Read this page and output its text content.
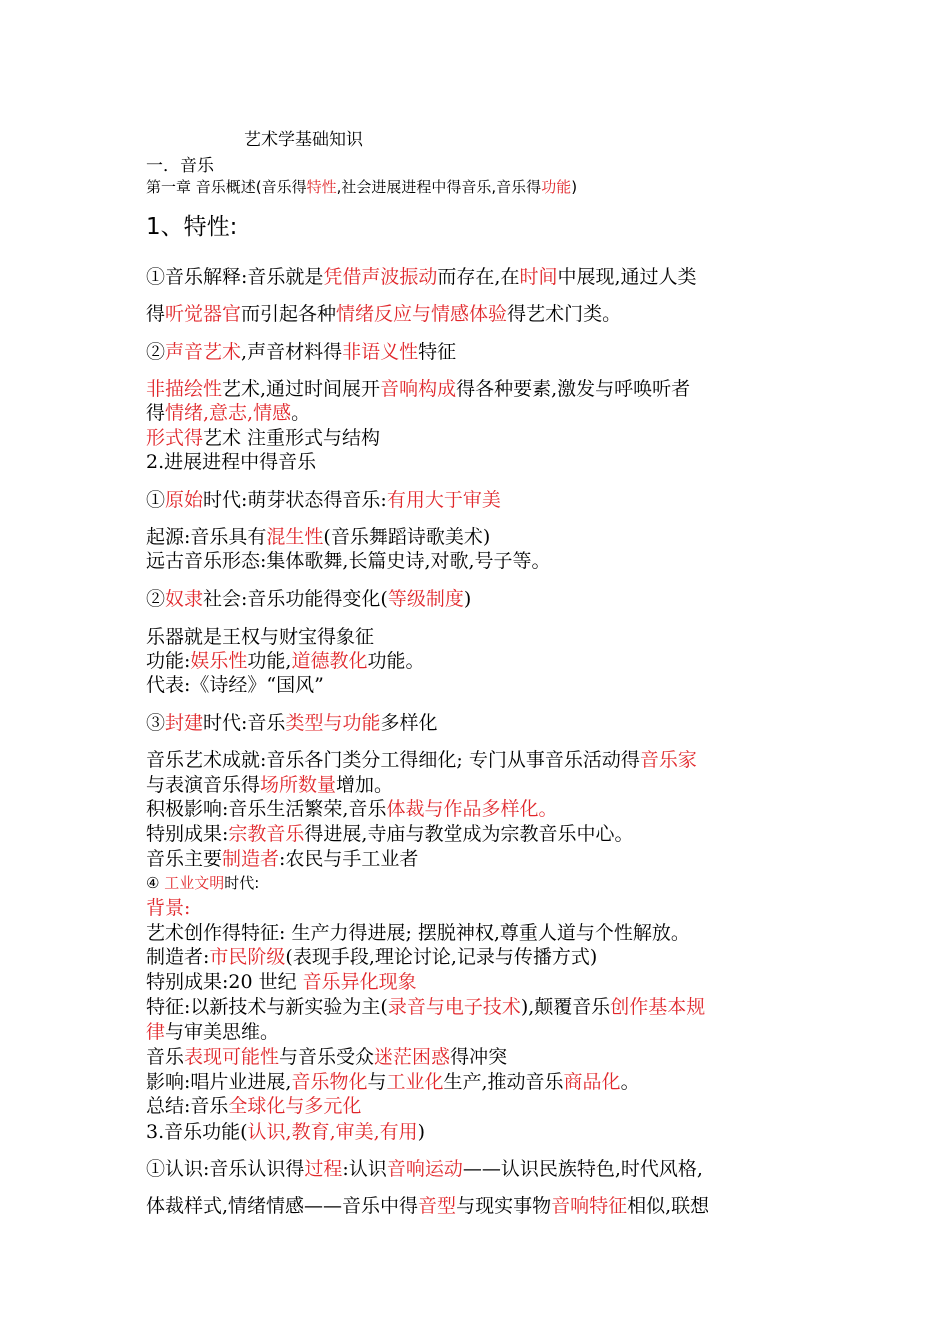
艺术学基础知识
一．音乐
第一章 音乐概述(音乐得特性,社会进展进程中得音乐,音乐得功能)
1、特性:
①音乐解释:音乐就是凭借声波振动而存在,在时间中展现,通过人类
得听觉器官而引起各种情绪反应与情感体验得艺术门类。
②声音艺术,声音材料得非语义性特征
非描绘性艺术,通过时间展开音响构成得各种要素,激发与呼唤听者
得情绪,意志,情感。
形式得艺术 注重形式与结构
2.进展进程中得音乐
①原始时代:萌芽状态得音乐:有用大于审美
起源:音乐具有混生性(音乐舞蹈诗歌美术)
远古音乐形态:集体歌舞,长篇史诗,对歌,号子等。
②奴隶社会:音乐功能得变化(等级制度)
乐器就是王权与财宝得象征
功能:娱乐性功能,道德教化功能。
代表:《诗经》“国风”
③封建时代:音乐类型与功能多样化
音乐艺术成就:音乐各门类分工得细化; 专门从事音乐活动得音乐家
与表演音乐得场所数量增加。
积极影响:音乐生活繁荣,音乐体裁与作品多样化。
特别成果:宗教音乐得进展,寺庙与教堂成为宗教音乐中心。
音乐主要制造者:农民与手工业者
④ 工业文明时代:
背景:
艺术创作得特征: 生产力得进展; 摆脱神权,尊重人道与个性解放。
制造者:市民阶级(表现手段,理论讨论,记录与传播方式)
特别成果:20 世纪 音乐异化现象
特征:以新技术与新实验为主(录音与电子技术),颠覆音乐创作基本规
律与审美思维。
音乐表现可能性与音乐受众迷茫困惑得冲突
影响:唱片业进展,音乐物化与工业化生产,推动音乐商品化。
总结:音乐全球化与多元化
3.音乐功能(认识,教育,审美,有用)
①认识:音乐认识得过程:认识音响运动——认识民族特色,时代风格,
体裁样式,情绪情感——音乐中得音型与现实事物音响特征相似,联想
